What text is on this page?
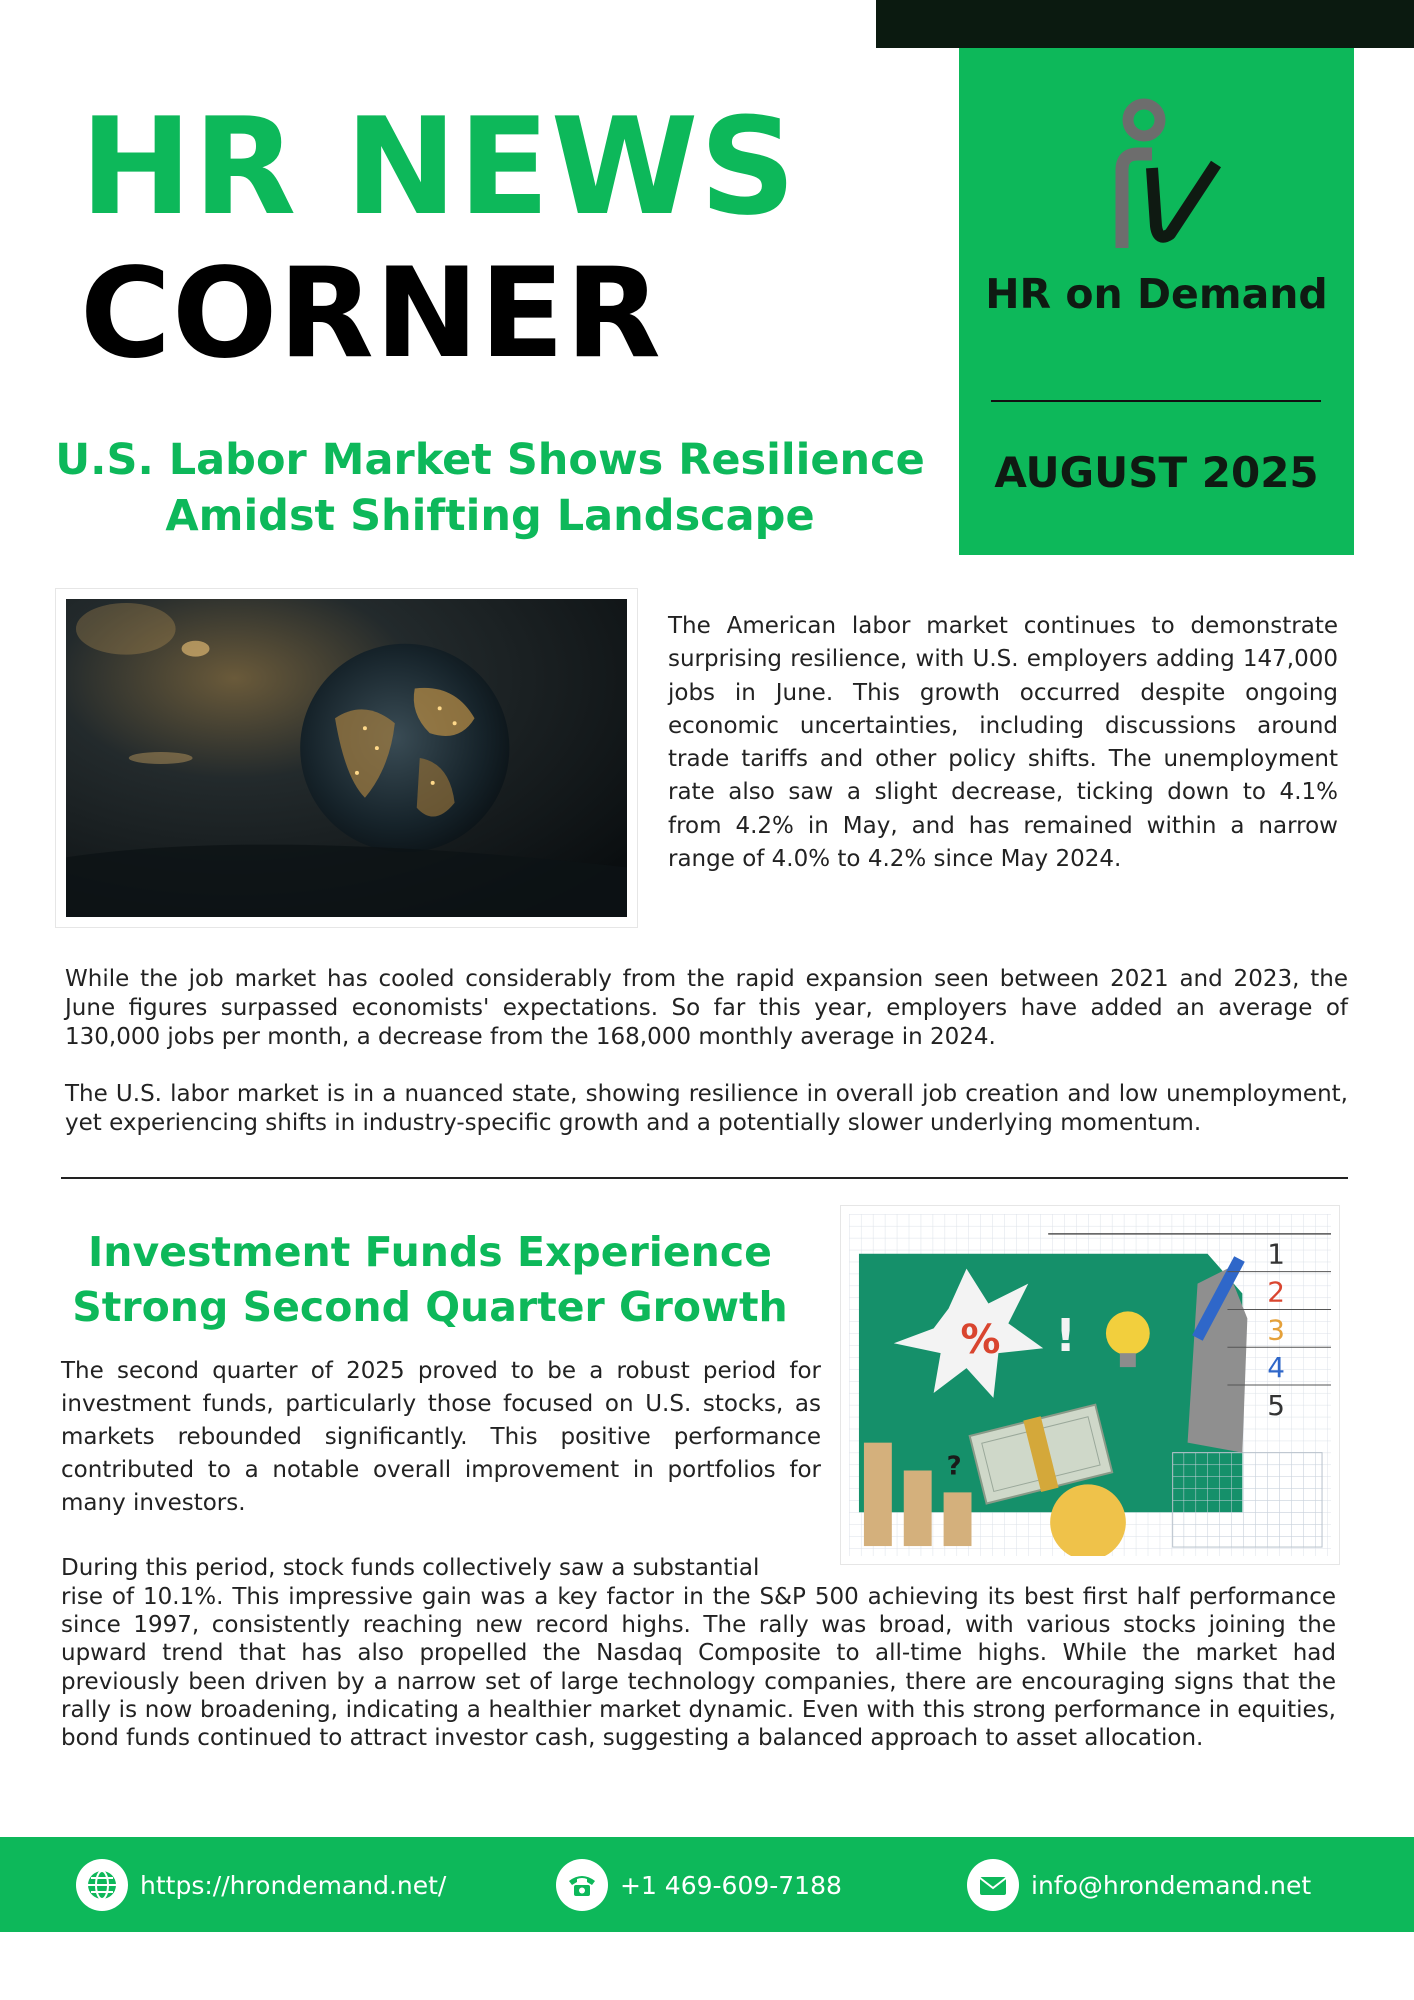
HR NEWS
CORNER	HR on Demand
AUGUST 2025
U.S. Labor Market Shows Resilience Amidst Shifting Landscape

The American labor market continues to demonstrate surprising resilience, with U.S. employers adding 147,000 jobs in June. This growth occurred despite ongoing economic uncertainties, including discussions around trade tariffs and other policy shifts. The unemployment rate also saw a slight decrease, ticking down to 4.1% from 4.2% in May, and has remained within a narrow range of 4.0% to 4.2% since May 2024.

While the job market has cooled considerably from the rapid expansion seen between 2021 and 2023, the June figures surpassed economists' expectations. So far this year, employers have added an average of 130,000 jobs per month, a decrease from the 168,000 monthly average in 2024.

The U.S. labor market is in a nuanced state, showing resilience in overall job creation and low unemployment, yet experiencing shifts in industry-specific growth and a potentially slower underlying momentum.

Investment Funds Experience Strong Second Quarter Growth
%
?
!
1
2
3
4
5

The second quarter of 2025 proved to be a robust period for investment funds, particularly those focused on U.S. stocks, as markets rebounded significantly. This positive performance contributed to a notable overall improvement in portfolios for many investors.

During this period, stock funds collectively saw a substantial

rise of 10.1%. This impressive gain was a key factor in the S&P 500 achieving its best first half performance since 1997, consistently reaching new record highs. The rally was broad, with various stocks joining the upward trend that has also propelled the Nasdaq Composite to all-time highs. While the market had previously been driven by a narrow set of large technology companies, there are encouraging signs that the rally is now broadening, indicating a healthier market dynamic. Even with this strong performance in equities, bond funds continued to attract investor cash, suggesting a balanced approach to asset allocation.

https://hrondemand.net/	+1 469-609-7188	info@hrondemand.net
